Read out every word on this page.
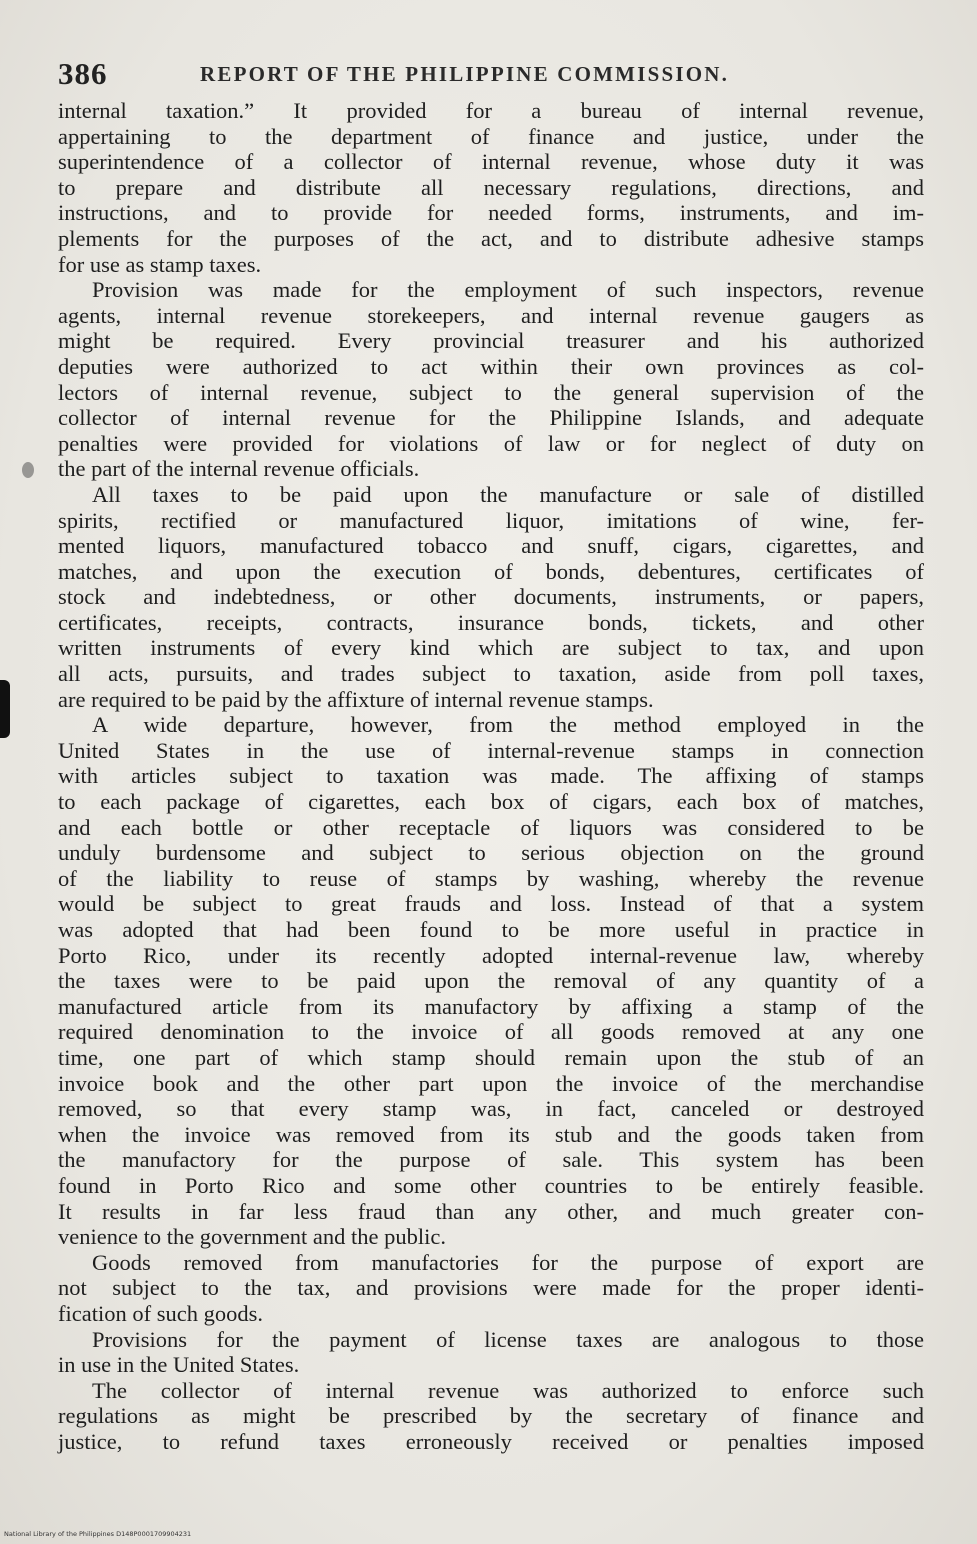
386	REPORT OF THE PHILIPPINE COMMISSION.
internal taxation.” It provided for a bureau of internal revenue,
appertaining to the department of finance and justice, under the
superintendence of a collector of internal revenue, whose duty it was
to prepare and distribute all necessary regulations, directions, and
instructions, and to provide for needed forms, instruments, and im-
plements for the purposes of the act, and to distribute adhesive stamps
for use as stamp taxes.
Provision was made for the employment of such inspectors, revenue
agents, internal revenue storekeepers, and internal revenue gaugers as
might be required. Every provincial treasurer and his authorized
deputies were authorized to act within their own provinces as col-
lectors of internal revenue, subject to the general supervision of the
collector of internal revenue for the Philippine Islands, and adequate
penalties were provided for violations of law or for neglect of duty on
the part of the internal revenue officials.
All taxes to be paid upon the manufacture or sale of distilled
spirits, rectified or manufactured liquor, imitations of wine, fer-
mented liquors, manufactured tobacco and snuff, cigars, cigarettes, and
matches, and upon the execution of bonds, debentures, certificates of
stock and indebtedness, or other documents, instruments, or papers,
certificates, receipts, contracts, insurance bonds, tickets, and other
written instruments of every kind which are subject to tax, and upon
all acts, pursuits, and trades subject to taxation, aside from poll taxes,
are required to be paid by the affixture of internal revenue stamps.
A wide departure, however, from the method employed in the
United States in the use of internal-revenue stamps in connection
with articles subject to taxation was made. The affixing of stamps
to each package of cigarettes, each box of cigars, each box of matches,
and each bottle or other receptacle of liquors was considered to be
unduly burdensome and subject to serious objection on the ground
of the liability to reuse of stamps by washing, whereby the revenue
would be subject to great frauds and loss. Instead of that a system
was adopted that had been found to be more useful in practice in
Porto Rico, under its recently adopted internal-revenue law, whereby
the taxes were to be paid upon the removal of any quantity of a
manufactured article from its manufactory by affixing a stamp of the
required denomination to the invoice of all goods removed at any one
time, one part of which stamp should remain upon the stub of an
invoice book and the other part upon the invoice of the merchandise
removed, so that every stamp was, in fact, canceled or destroyed
when the invoice was removed from its stub and the goods taken from
the manufactory for the purpose of sale. This system has been
found in Porto Rico and some other countries to be entirely feasible.
It results in far less fraud than any other, and much greater con-
venience to the government and the public.
Goods removed from manufactories for the purpose of export are
not subject to the tax, and provisions were made for the proper identi-
fication of such goods.
Provisions for the payment of license taxes are analogous to those
in use in the United States.
The collector of internal revenue was authorized to enforce such
regulations as might be prescribed by the secretary of finance and
justice, to refund taxes erroneously received or penalties imposed
National Library of the Philippines D148P0001709904231
